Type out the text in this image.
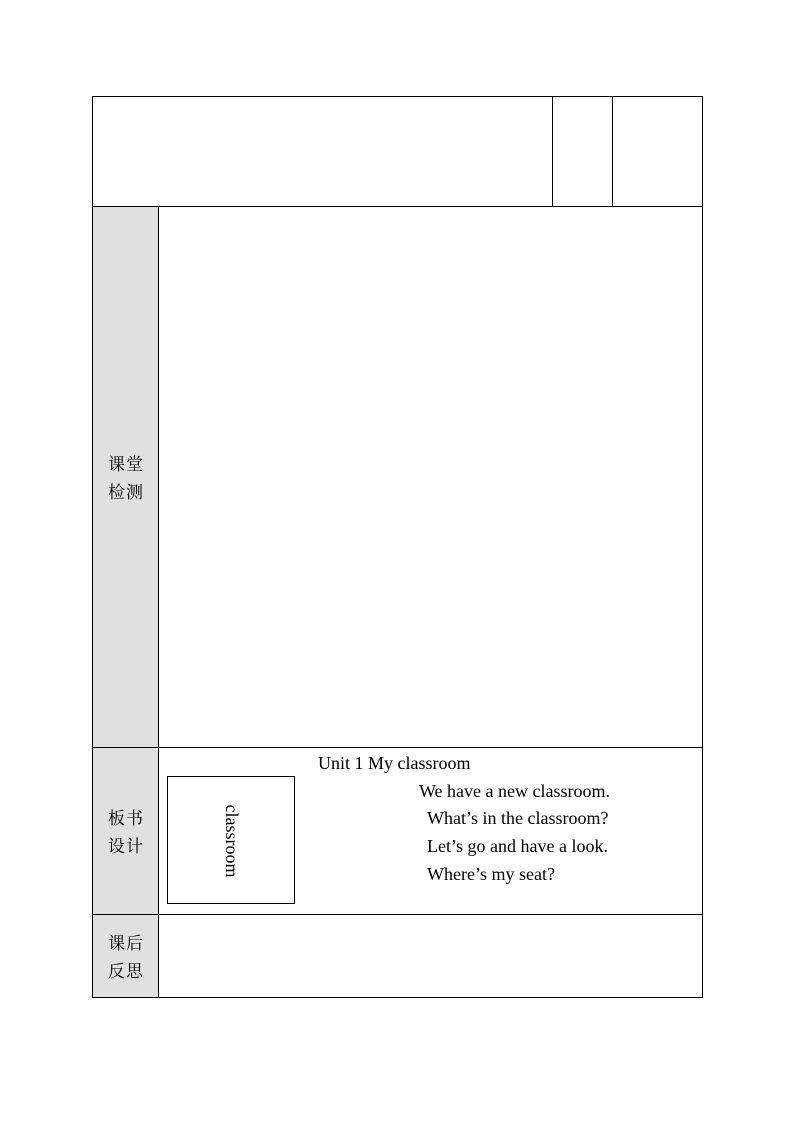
课堂
检测
板书
设计
课后
反思
Unit 1 My classroom
classroom
We have a new classroom.
What’s in the classroom?
Let’s go and have a look.
Where’s my seat?
